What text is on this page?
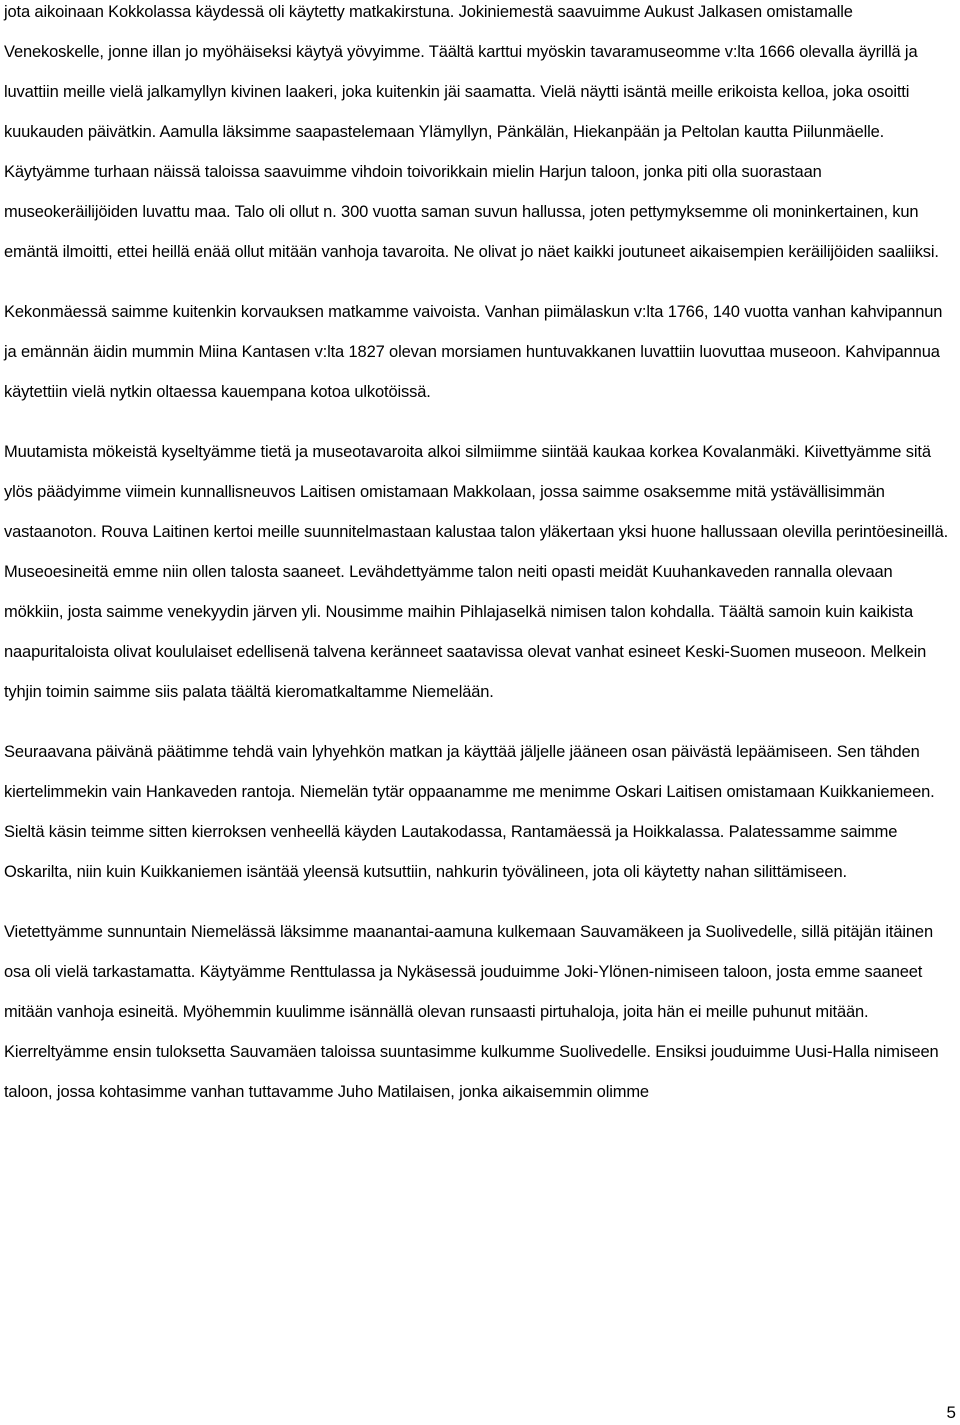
jota aikoinaan Kokkolassa käydessä oli käytetty matkakirstuna. Jokiniemestä saavuimme Aukust Jalkasen omistamalle Venekoskelle, jonne illan jo myöhäiseksi käytyä yövyimme. Täältä karttui myöskin tavaramuseomme v:lta 1666 olevalla äyrillä ja luvattiin meille vielä jalkamyllyn kivinen laakeri, joka kuitenkin jäi saamatta. Vielä näytti isäntä meille erikoista kelloa, joka osoitti kuukauden päivätkin. Aamulla läksimme saapastelemaan Ylämyllyn, Pänkälän, Hiekanpään ja Peltolan kautta Piilunmäelle. Käytyämme turhaan näissä taloissa saavuimme vihdoin toivorikkain mielin Harjun taloon, jonka piti olla suorastaan museokeräilijöiden luvattu maa. Talo oli ollut n. 300 vuotta saman suvun hallussa, joten pettymyksemme oli moninkertainen, kun emäntä ilmoitti, ettei heillä enää ollut mitään vanhoja tavaroita. Ne olivat jo näet kaikki joutuneet aikaisempien keräilijöiden saaliiksi.

Kekonmäessä saimme kuitenkin korvauksen matkamme vaivoista. Vanhan piimälaskun v:lta 1766, 140 vuotta vanhan kahvipannun ja emännän äidin mummin Miina Kantasen v:lta 1827 olevan morsiamen huntuvakkanen luvattiin luovuttaa museoon. Kahvipannua käytettiin vielä nytkin oltaessa kauempana kotoa ulkotöissä.

Muutamista mökeistä kyseltyämme tietä ja museotavaroita alkoi silmiimme siintää kaukaa korkea Kovalanmäki. Kiivettyämme sitä ylös päädyimme viimein kunnallisneuvos Laitisen omistamaan Makkolaan, jossa saimme osaksemme mitä ystävällisimmän vastaanoton. Rouva Laitinen kertoi meille suunnitelmastaan kalustaa talon yläkertaan yksi huone hallussaan olevilla perintöesineillä. Museoesineitä emme niin ollen talosta saaneet. Levähdettyämme talon neiti opasti meidät Kuuhankaveden rannalla olevaan mökkiin, josta saimme venekyydin järven yli. Nousimme maihin Pihlajaselkä nimisen talon kohdalla. Täältä samoin kuin kaikista naapuritaloista olivat koululaiset edellisenä talvena keränneet saatavissa olevat vanhat esineet Keski-Suomen museoon. Melkein tyhjin toimin saimme siis palata täältä kieromatkaltamme Niemelään.

Seuraavana päivänä päätimme tehdä vain lyhyehkön matkan ja käyttää jäljelle jääneen osan päivästä lepäämiseen. Sen tähden kiertelimmekin vain Hankaveden rantoja. Niemelän tytär oppaanamme me menimme Oskari Laitisen omistamaan Kuikkaniemeen. Sieltä käsin teimme sitten kierroksen venheellä käyden Lautakodassa, Rantamäessä ja Hoikkalassa. Palatessamme saimme Oskarilta, niin kuin Kuikkaniemen isäntää yleensä kutsuttiin, nahkurin työvälineen, jota oli käytetty nahan silittämiseen.

Vietettyämme sunnuntain Niemelässä läksimme maanantai-aamuna kulkemaan Sauvamäkeen ja Suolivedelle, sillä pitäjän itäinen osa oli vielä tarkastamatta. Käytyämme Renttulassa ja Nykäsessä jouduimme Joki-Ylönen-nimiseen taloon, josta emme saaneet mitään vanhoja esineitä. Myöhemmin kuulimme isännällä olevan runsaasti pirtuhaloja, joita hän ei meille puhunut mitään. Kierreltyämme ensin tuloksetta Sauvamäen taloissa suuntasimme kulkumme Suolivedelle. Ensiksi jouduimme Uusi-Halla nimiseen taloon, jossa kohtasimme vanhan tuttavamme Juho Matilaisen, jonka aikaisemmin olimme

5
